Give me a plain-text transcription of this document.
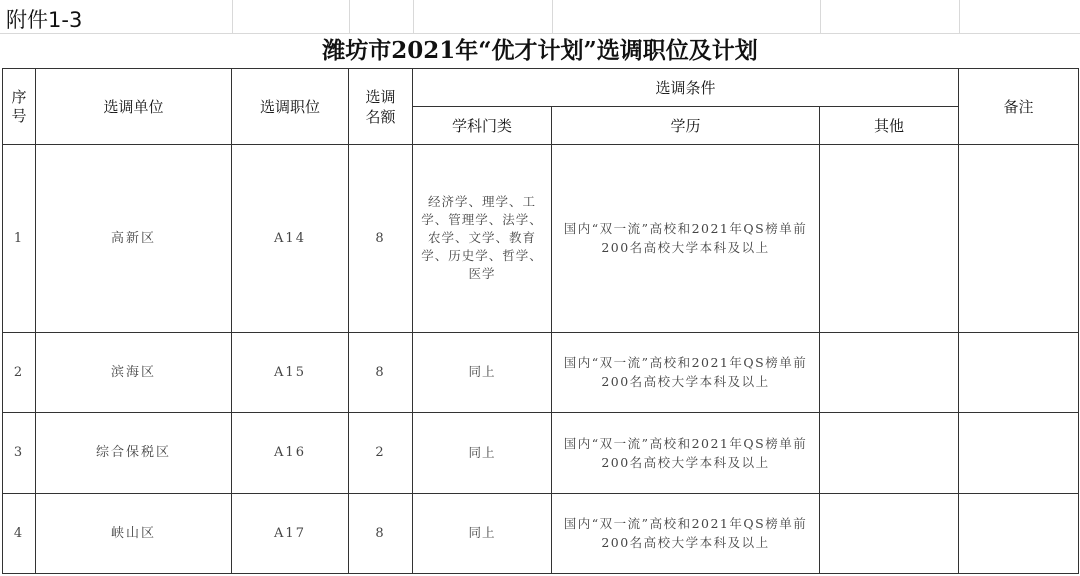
附件1-3
潍坊市2021年“优才计划”选调职位及计划
序号	选调单位	选调职位	选调名额	选调条件			备注
				学科门类	学历	其他	
1	高新区	A14	8	经济学、理学、工学、管理学、法学、农学、文学、教育学、历史学、哲学、医学	国内“双一流”高校和2021年QS榜单前200名高校大学本科及以上		
2	滨海区	A15	8	同上	国内“双一流”高校和2021年QS榜单前200名高校大学本科及以上		
3	综合保税区	A16	2	同上	国内“双一流”高校和2021年QS榜单前200名高校大学本科及以上		
4	峡山区	A17	8	同上	国内“双一流”高校和2021年QS榜单前200名高校大学本科及以上		
